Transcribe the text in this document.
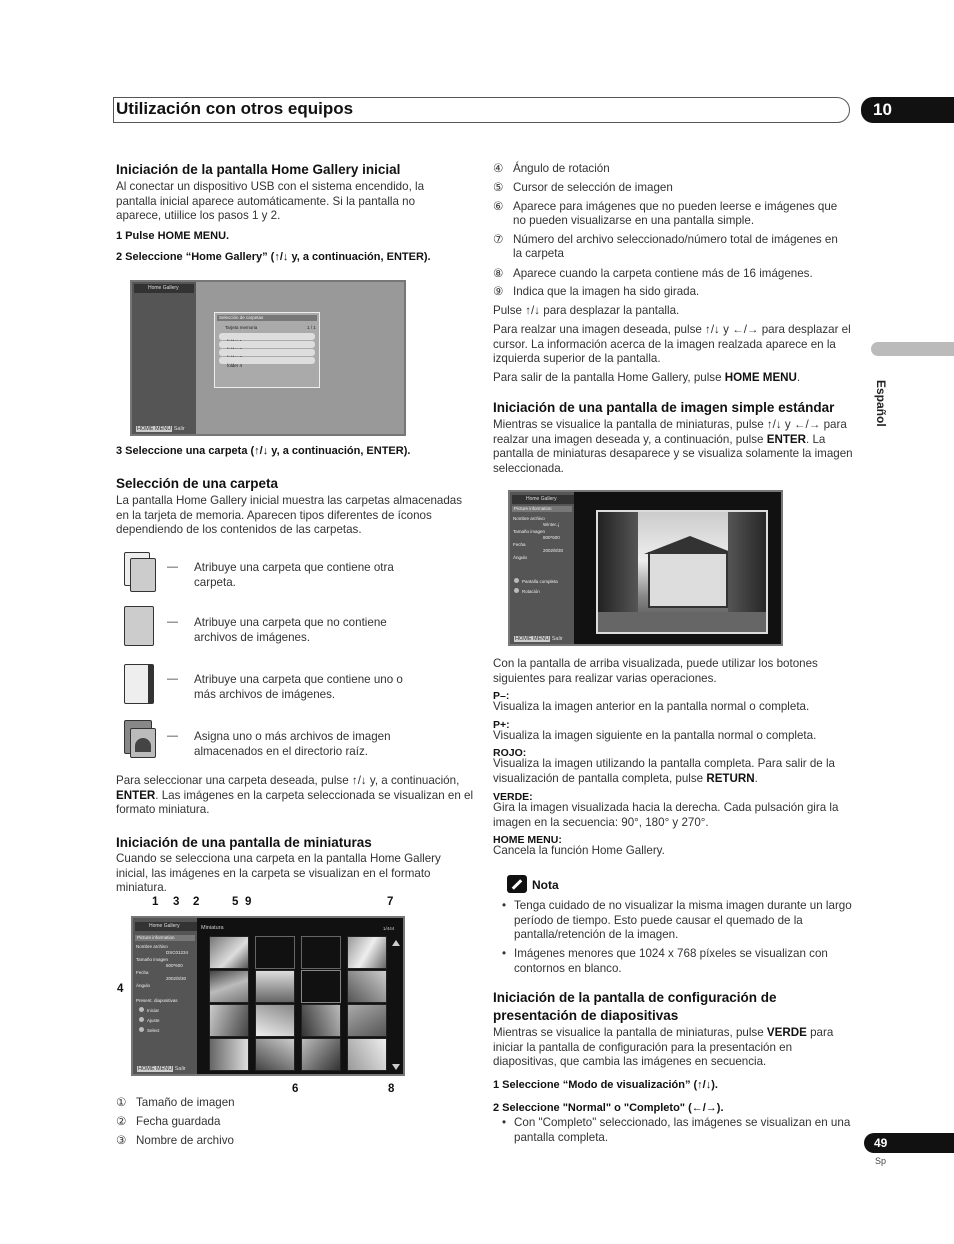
Utilización con otros equipos	10
Español
Iniciación de la pantalla Home Gallery inicial
Al conectar un dispositivo USB con el sistema encendido, la pantalla inicial aparece automáticamente. Si la pantalla no aparece, utiilice los pasos 1 y 2.
1 Pulse HOME MENU.
2 Seleccione “Home Gallery” (↑/↓ y, a continuación, ENTER).
Home Gallery
Selección de carpetas
Tarjeta memoria	1 / 1
folder 4
HOME MENU Salir
3 Seleccione una carpeta (↑/↓ y, a continuación, ENTER).
Selección de una carpeta
La pantalla Home Gallery inicial muestra las carpetas almacenadas en la tarjeta de memoria. Aparecen tipos diferentes de íconos dependiendo de los contenidos de las carpetas.
— Atribuye una carpeta que contiene otra
carpeta.
— Atribuye una carpeta que no contiene
archivos de imágenes.
— Atribuye una carpeta que contiene uno o
más archivos de imágenes.
— Asigna uno o más archivos de imagen
almacenados en el directorio raíz.
Para seleccionar una carpeta deseada, pulse ↑/↓ y, a continuación, ENTER. Las imágenes en la carpeta seleccionada se visualizan en el formato miniatura.
Iniciación de una pantalla de miniaturas
Cuando se selecciona una carpeta en la pantalla Home Gallery inicial, las imágenes en la carpeta se visualizan en el formato miniatura.
Home Gallery	Miniatura	1/444
Picture information
Nombre archivo
DSC01234
Tamaño imagen
800*600
Fecha
2002/8/30
Ángulo
Present. diapositivas
Iniciar
Ajuste
Select
HOME MENU Salir
1 3 2	5 9	7
4
6	8
① Tamaño de imagen
② Fecha guardada
③ Nombre de archivo
④ Ángulo de rotación
⑤ Cursor de selección de imagen
⑥ Aparece para imágenes que no pueden leerse e imágenes que
no pueden visualizarse en una pantalla simple.
⑦ Número del archivo seleccionado/número total de imágenes en
la carpeta
⑧ Aparece cuando la carpeta contiene más de 16 imágenes.
⑨ Indica que la imagen ha sido girada.
Pulse ↑/↓ para desplazar la pantalla.
Para realzar una imagen deseada, pulse ↑/↓ y ←/→ para desplazar el cursor. La información acerca de la imagen realzada aparece en la izquierda superior de la pantalla.
Para salir de la pantalla Home Gallery, pulse HOME MENU.
Iniciación de una pantalla de imagen simple estándar
Mientras se visualice la pantalla de miniaturas, pulse ↑/↓ y ←/→ para realzar una imagen deseada y, a continuación, pulse ENTER. La pantalla de miniaturas desaparece y se visualiza solamente la imagen seleccionada.
Home Gallery
Picture information
Nombre archivo
Winter..j
Tamaño imagen
800*600
Fecha
2002/8/30
Ángulo
Pantalla completa
Rotación
HOME MENU Salir
Con la pantalla de arriba visualizada, puede utilizar los botones siguientes para realizar varias operaciones.
P–:
Visualiza la imagen anterior en la pantalla normal o completa.
P+:
Visualiza la imagen siguiente en la pantalla normal o completa.
ROJO:
Visualiza la imagen utilizando la pantalla completa. Para salir de la visualización de pantalla completa, pulse RETURN.
VERDE:
Gira la imagen visualizada hacia la derecha. Cada pulsación gira la imagen en la secuencia: 90°, 180° y 270°.
HOME MENU:
Cancela la función Home Gallery.
Nota
• Tenga cuidado de no visualizar la misma imagen durante un largo período de tiempo. Esto puede causar el quemado de la pantalla/retención de la imagen.
• Imágenes menores que 1024 x 768 píxeles se visualizan con contornos en blanco.
Iniciación de la pantalla de configuración de
presentación de diapositivas
Mientras se visualice la pantalla de miniaturas, pulse VERDE para iniciar la pantalla de configuración para la presentación en diapositivas, que cambia las imágenes en secuencia.
1 Seleccione “Modo de visualización” (↑/↓).
2 Seleccione "Normal" o "Completo" (←/→).
• Con "Completo" seleccionado, las imágenes se visualizan en una pantalla completa.	49
Sp
